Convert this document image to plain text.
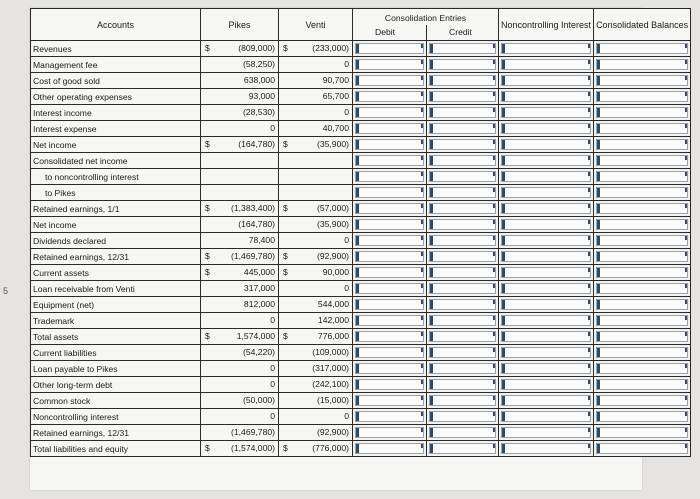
5
Accounts	Pikes	Venti	Consolidation Entries		Noncontrolling Interest	Consolidated Balances
			Debit	Credit		
Revenues	$ (809,000)	$ (233,000)				

Management fee	(58,250)	0				

Cost of good sold	638,000	90,700				

Other operating expenses	93,000	65,700				

Interest income	(28,530)	0				

Interest expense	0	40,700				

Net income	$ (164,780)	$ (35,900)				

Consolidated net income	

to noncontrolling interest	

to Pikes	

Retained earnings, 1/1	$ (1,383,400)	$ (57,000)				

Net income	(164,780)	(35,900)				

Dividends declared	78,400	0				

Retained earnings, 12/31	$ (1,469,780)	$ (92,900)				

Current assets	$ 445,000	$ 90,000				

Loan receivable from Venti	317,000	0				

Equipment (net)	812,000	544,000				

Trademark	0	142,000				

Total assets	$ 1,574,000	$ 776,000				

Current liabilities	(54,220)	(109,000)				

Loan payable to Pikes	0	(317,000)				

Other long-term debt	0	(242,100)				

Common stock	(50,000)	(15,000)				

Noncontrolling interest	0	0				

Retained earnings, 12/31	(1,469,780)	(92,900)				

Total liabilities and equity	$ (1,574,000)	$ (776,000)				
